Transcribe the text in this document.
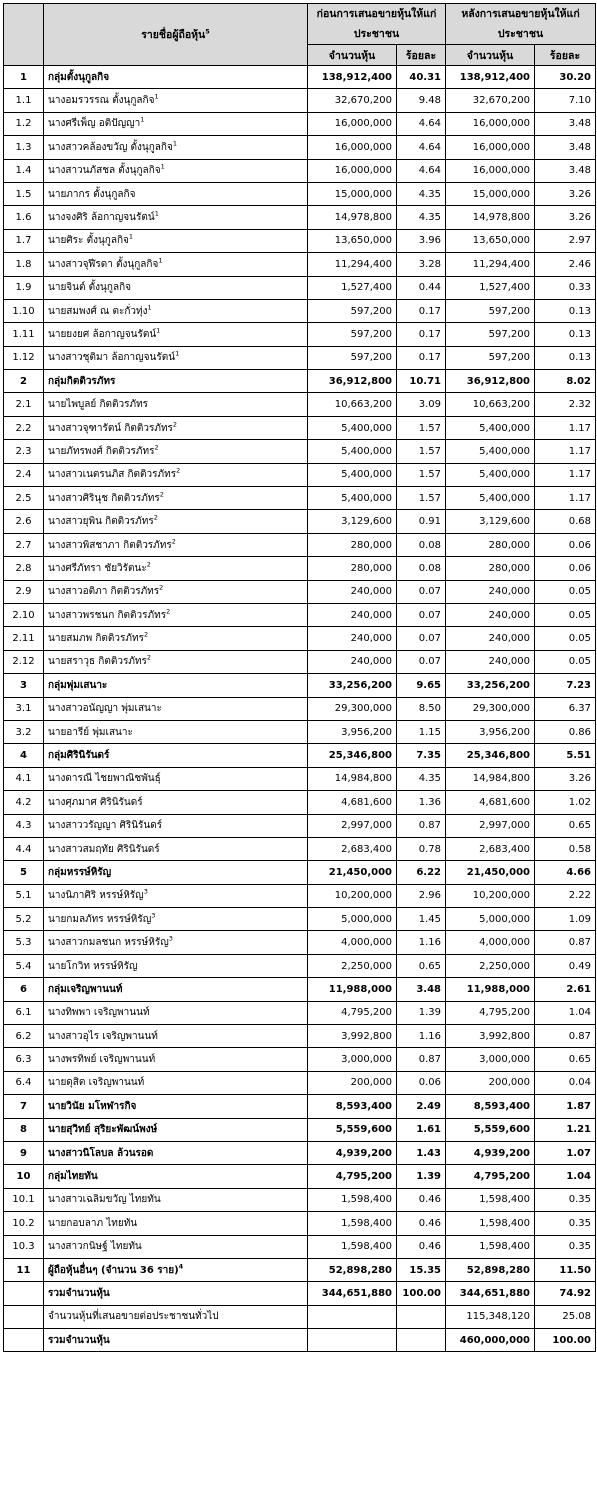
	รายชื่อผู้ถือหุ้น$^5$	ก่อนการเสนอขายหุ้นให้แก่ประชาชน		หลังการเสนอขายหุ้นให้แก่ประชาชน	

		จำนวนหุ้น	ร้อยละ	จำนวนหุ้น	ร้อยละ
1	กลุ่มตั้งนุกูลกิจ	138,912,400	40.31	138,912,400	30.20
1.1	นางอมรวรรณ ตั้งนุกูลกิจ$^1$	32,670,200	9.48	32,670,200	7.10
1.2	นางศรีเพ็ญ อติปัญญา$^1$	16,000,000	4.64	16,000,000	3.48
1.3	นางสาวคล้องขวัญ ตั้งนุกูลกิจ$^1$	16,000,000	4.64	16,000,000	3.48
1.4	นางสาวนภัสชล ตั้งนุกูลกิจ$^1$	16,000,000	4.64	16,000,000	3.48
1.5	นายภากร ตั้งนุกูลกิจ	15,000,000	4.35	15,000,000	3.26
1.6	นางจงศิริ ล้อกาญจนรัตน์$^1$	14,978,800	4.35	14,978,800	3.26
1.7	นายศิระ ตั้งนุกูลกิจ$^1$	13,650,000	3.96	13,650,000	2.97
1.8	นางสาวจุฬีรดา ตั้งนุกูลกิจ$^1$	11,294,400	3.28	11,294,400	2.46
1.9	นายจินต์ ตั้งนุกูลกิจ	1,527,400	0.44	1,527,400	0.33
1.10	นายสมพงศ์ ณ ตะกั่วทุ่ง$^1$	597,200	0.17	597,200	0.13
1.11	นายยงยศ ล้อกาญจนรัตน์$^1$	597,200	0.17	597,200	0.13
1.12	นางสาวชุติมา ล้อกาญจนรัตน์$^1$	597,200	0.17	597,200	0.13
2	กลุ่มกิตติวรภัทร	36,912,800	10.71	36,912,800	8.02
2.1	นายไพบูลย์ กิตติวรภัทร	10,663,200	3.09	10,663,200	2.32
2.2	นางสาวจุฑารัตน์ กิตติวรภัทร$^2$	5,400,000	1.57	5,400,000	1.17
2.3	นายภัทรพงศ์ กิตติวรภัทร$^2$	5,400,000	1.57	5,400,000	1.17
2.4	นางสาวเนตรนภิส กิตติวรภัทร$^2$	5,400,000	1.57	5,400,000	1.17
2.5	นางสาวศิรินุช กิตติวรภัทร$^2$	5,400,000	1.57	5,400,000	1.17
2.6	นางสาวยุพิน กิตติวรภัทร$^2$	3,129,600	0.91	3,129,600	0.68
2.7	นางสาวพิสชาภา กิตติวรภัทร$^2$	280,000	0.08	280,000	0.06
2.8	นางศรีภัทรา ชัยวิรัตนะ$^2$	280,000	0.08	280,000	0.06
2.9	นางสาวอติภา กิตติวรภัทร$^2$	240,000	0.07	240,000	0.05
2.10	นางสาวพรชนก กิตติวรภัทร$^2$	240,000	0.07	240,000	0.05
2.11	นายสมภพ กิตติวรภัทร$^2$	240,000	0.07	240,000	0.05
2.12	นายสราวุธ กิตติวรภัทร$^2$	240,000	0.07	240,000	0.05
3	กลุ่มพุ่มเสนาะ	33,256,200	9.65	33,256,200	7.23
3.1	นางสาวอนัญญา พุ่มเสนาะ	29,300,000	8.50	29,300,000	6.37
3.2	นายอารีย์ พุ่มเสนาะ	3,956,200	1.15	3,956,200	0.86
4	กลุ่มศิรินิรันดร์	25,346,800	7.35	25,346,800	5.51
4.1	นางดารณี ไชยพาณิชพันธุ์	14,984,800	4.35	14,984,800	3.26
4.2	นางศุภมาศ ศิรินิรันดร์	4,681,600	1.36	4,681,600	1.02
4.3	นางสาววรัญญา ศิรินิรันดร์	2,997,000	0.87	2,997,000	0.65
4.4	นางสาวสมฤทัย ศิรินิรันดร์	2,683,400	0.78	2,683,400	0.58
5	กลุ่มหรรษ์หิรัญ	21,450,000	6.22	21,450,000	4.66
5.1	นางนิภาศิริ หรรษ์หิรัญ$^3$	10,200,000	2.96	10,200,000	2.22
5.2	นายกมลภัทร หรรษ์หิรัญ$^3$	5,000,000	1.45	5,000,000	1.09
5.3	นางสาวกมลชนก หรรษ์หิรัญ$^3$	4,000,000	1.16	4,000,000	0.87
5.4	นายโกวิท หรรษ์หิรัญ	2,250,000	0.65	2,250,000	0.49
6	กลุ่มเจริญพานนท์	11,988,000	3.48	11,988,000	2.61
6.1	นางทิพพา เจริญพานนท์	4,795,200	1.39	4,795,200	1.04
6.2	นางสาวอุไร เจริญพานนท์	3,992,800	1.16	3,992,800	0.87
6.3	นางพรทิพย์ เจริญพานนท์	3,000,000	0.87	3,000,000	0.65
6.4	นายดุสิต เจริญพานนท์	200,000	0.06	200,000	0.04
7	นายวินัย มโหฬารกิจ	8,593,400	2.49	8,593,400	1.87
8	นายสุวิทย์ สุริยะพัฒน์พงษ์	5,559,600	1.61	5,559,600	1.21
9	นางสาวนิโลบล ล้วนรอด	4,939,200	1.43	4,939,200	1.07
10	กลุ่มไทยทัน	4,795,200	1.39	4,795,200	1.04
10.1	นางสาวเฉลิมขวัญ ไทยทัน	1,598,400	0.46	1,598,400	0.35
10.2	นายกอบลาภ ไทยทัน	1,598,400	0.46	1,598,400	0.35
10.3	นางสาวกนิษฐ์ ไทยทัน	1,598,400	0.46	1,598,400	0.35
11	ผู้ถือหุ้นอื่นๆ (จำนวน 36 ราย)$^4$	52,898,280	15.35	52,898,280	11.50
	รวมจำนวนหุ้น	344,651,880	100.00	344,651,880	74.92
	จำนวนหุ้นที่เสนอขายต่อประชาชนทั่วไป			115,348,120	25.08
	รวมจำนวนหุ้น			460,000,000	100.00
